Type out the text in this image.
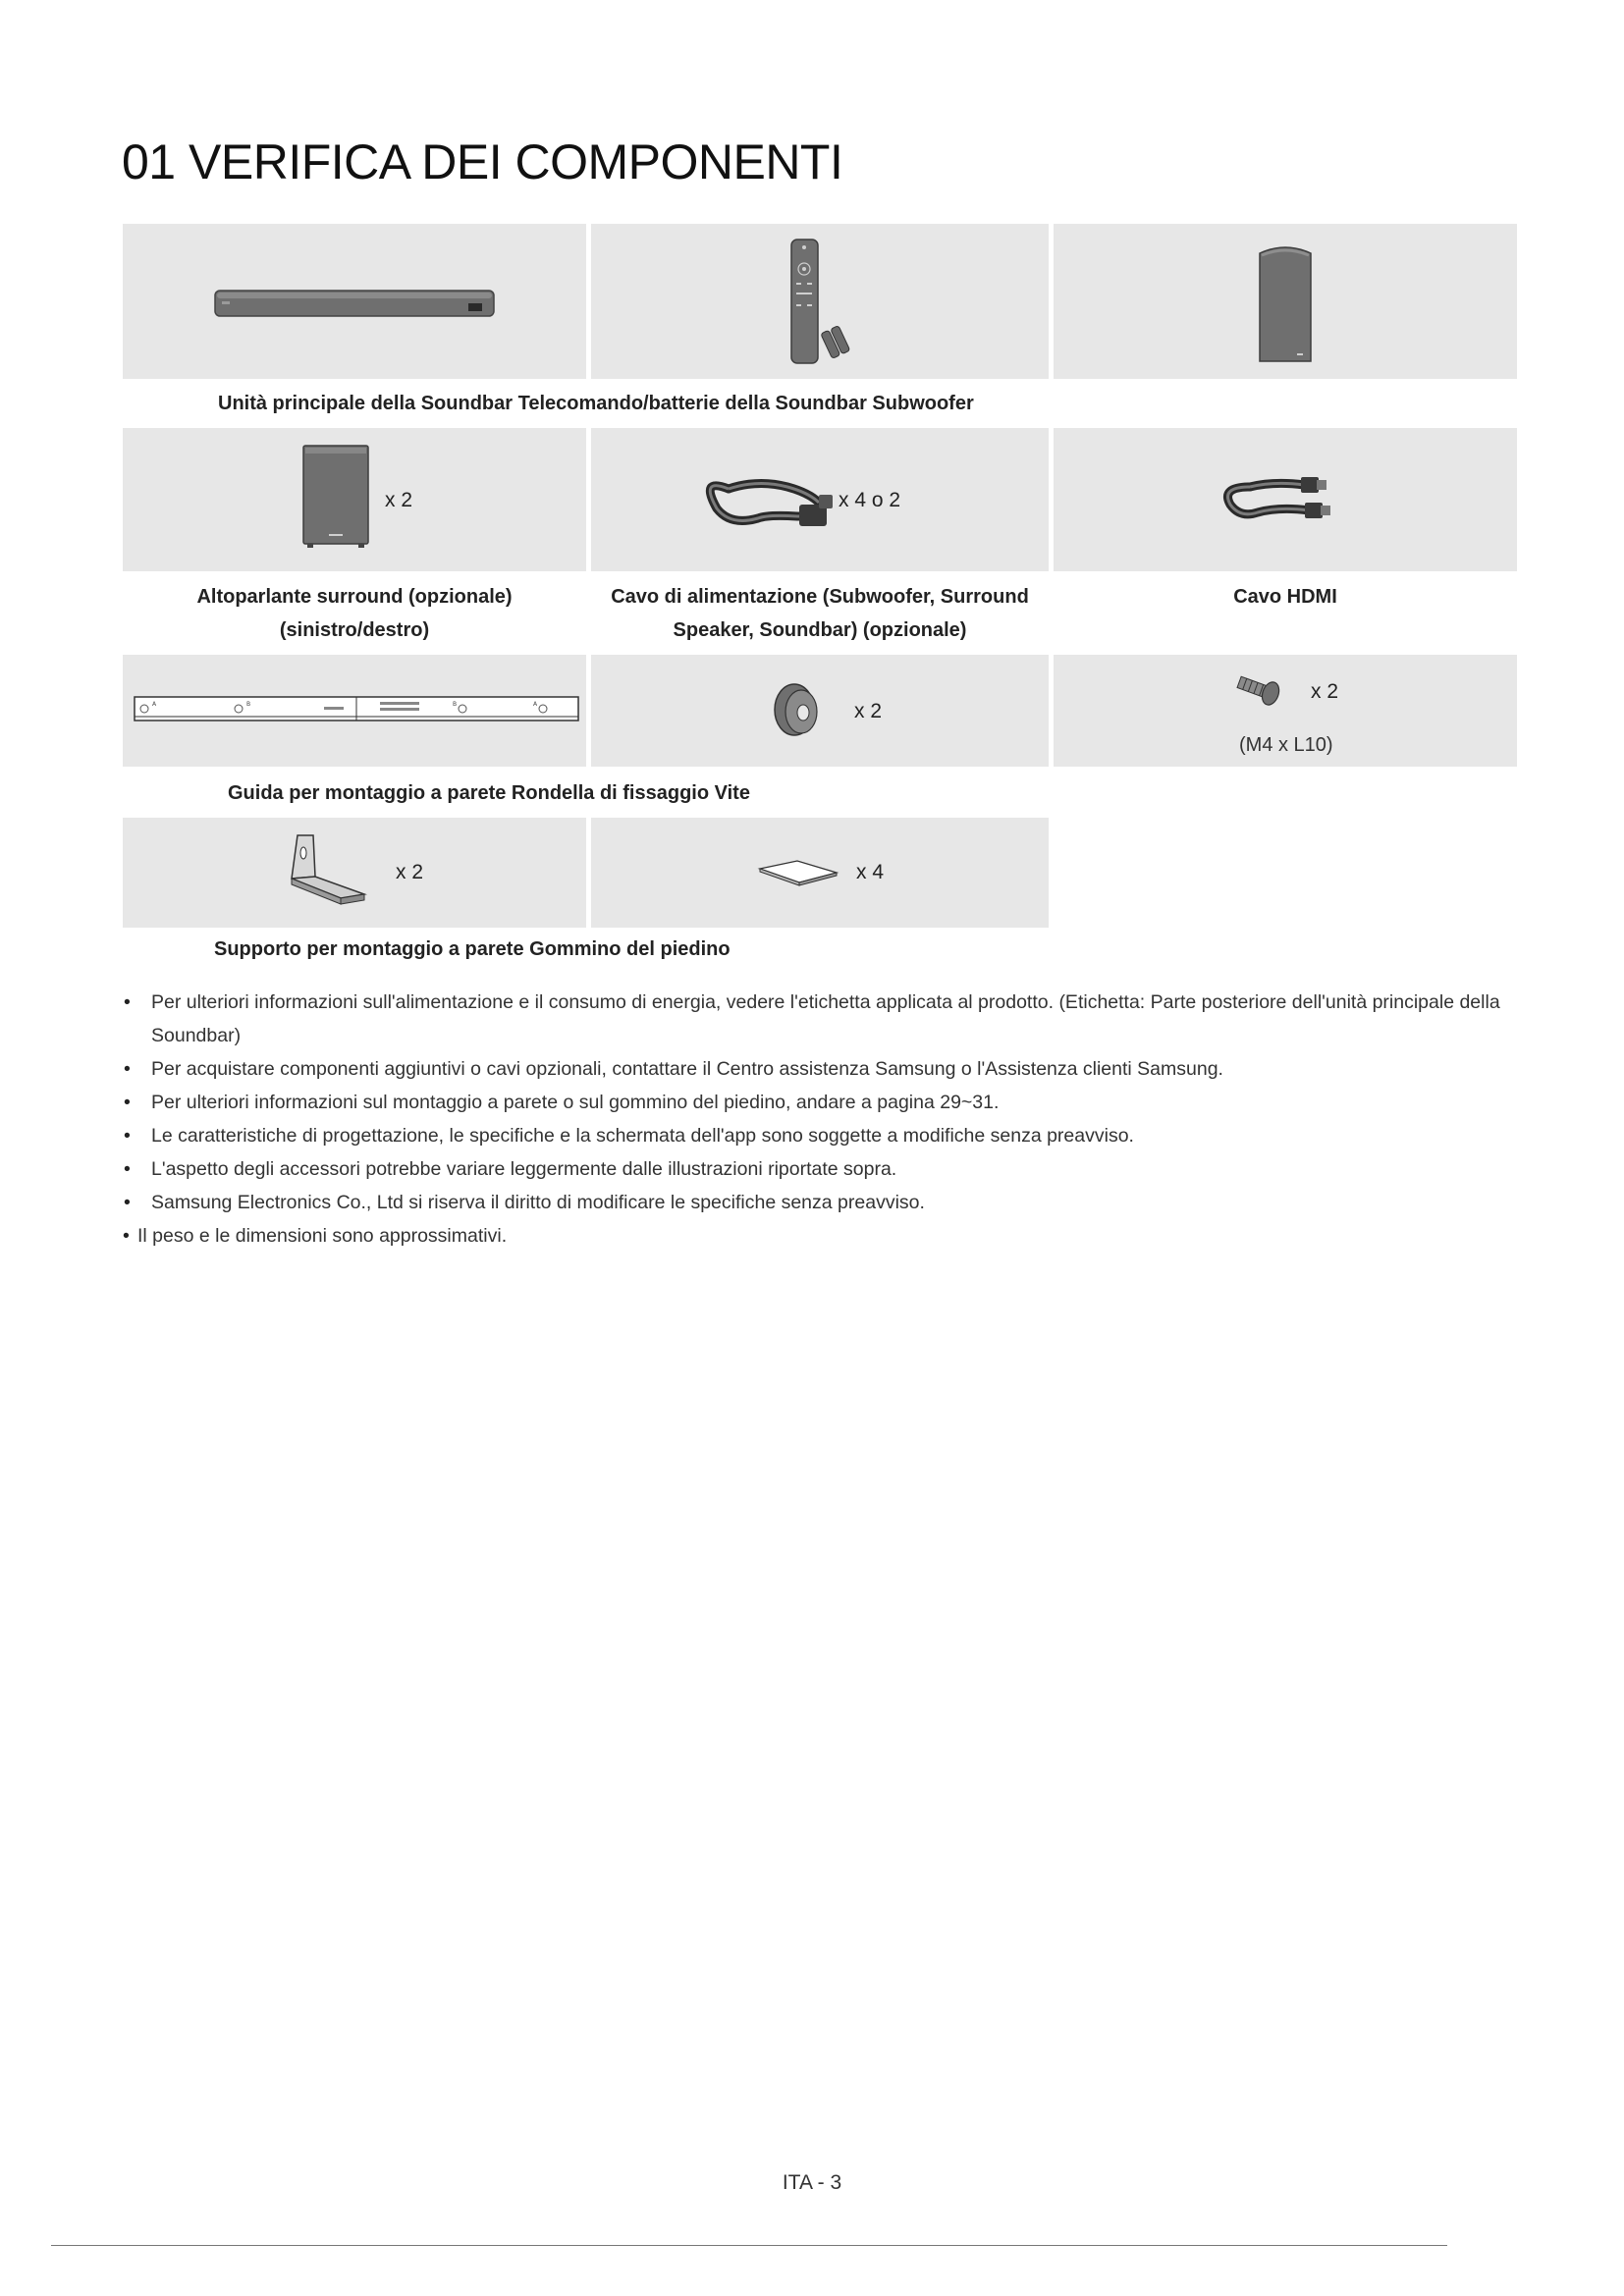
01 VERIFICA DEI COMPONENTI
Unità principale della Soundbar Telecomando/batterie della Soundbar Subwoofer
x 2	x 4 o 2
Altoparlante surround (opzionale)
(sinistro/destro)
Cavo di alimentazione (Subwoofer, Surround
Speaker, Soundbar) (opzionale)
Cavo HDMI
A	B	B	A	x 2
x 2
(M4 x L10)
Guida per montaggio a parete Rondella di fissaggio Vite
x 2	x 4
Supporto per montaggio a parete Gommino del piedino
• Per ulteriori informazioni sull'alimentazione e il consumo di energia, vedere l'etichetta applicata al prodotto. (Etichetta: Parte posteriore dell'unità principale della Soundbar)
• Per acquistare componenti aggiuntivi o cavi opzionali, contattare il Centro assistenza Samsung o l'Assistenza clienti Samsung.
• Per ulteriori informazioni sul montaggio a parete o sul gommino del piedino, andare a pagina 29~31.
• Le caratteristiche di progettazione, le specifiche e la schermata dell'app sono soggette a modifiche senza preavviso.
• L'aspetto degli accessori potrebbe variare leggermente dalle illustrazioni riportate sopra.
• Samsung Electronics Co., Ltd si riserva il diritto di modificare le specifiche senza preavviso.
• Il peso e le dimensioni sono approssimativi.
ITA - 3
